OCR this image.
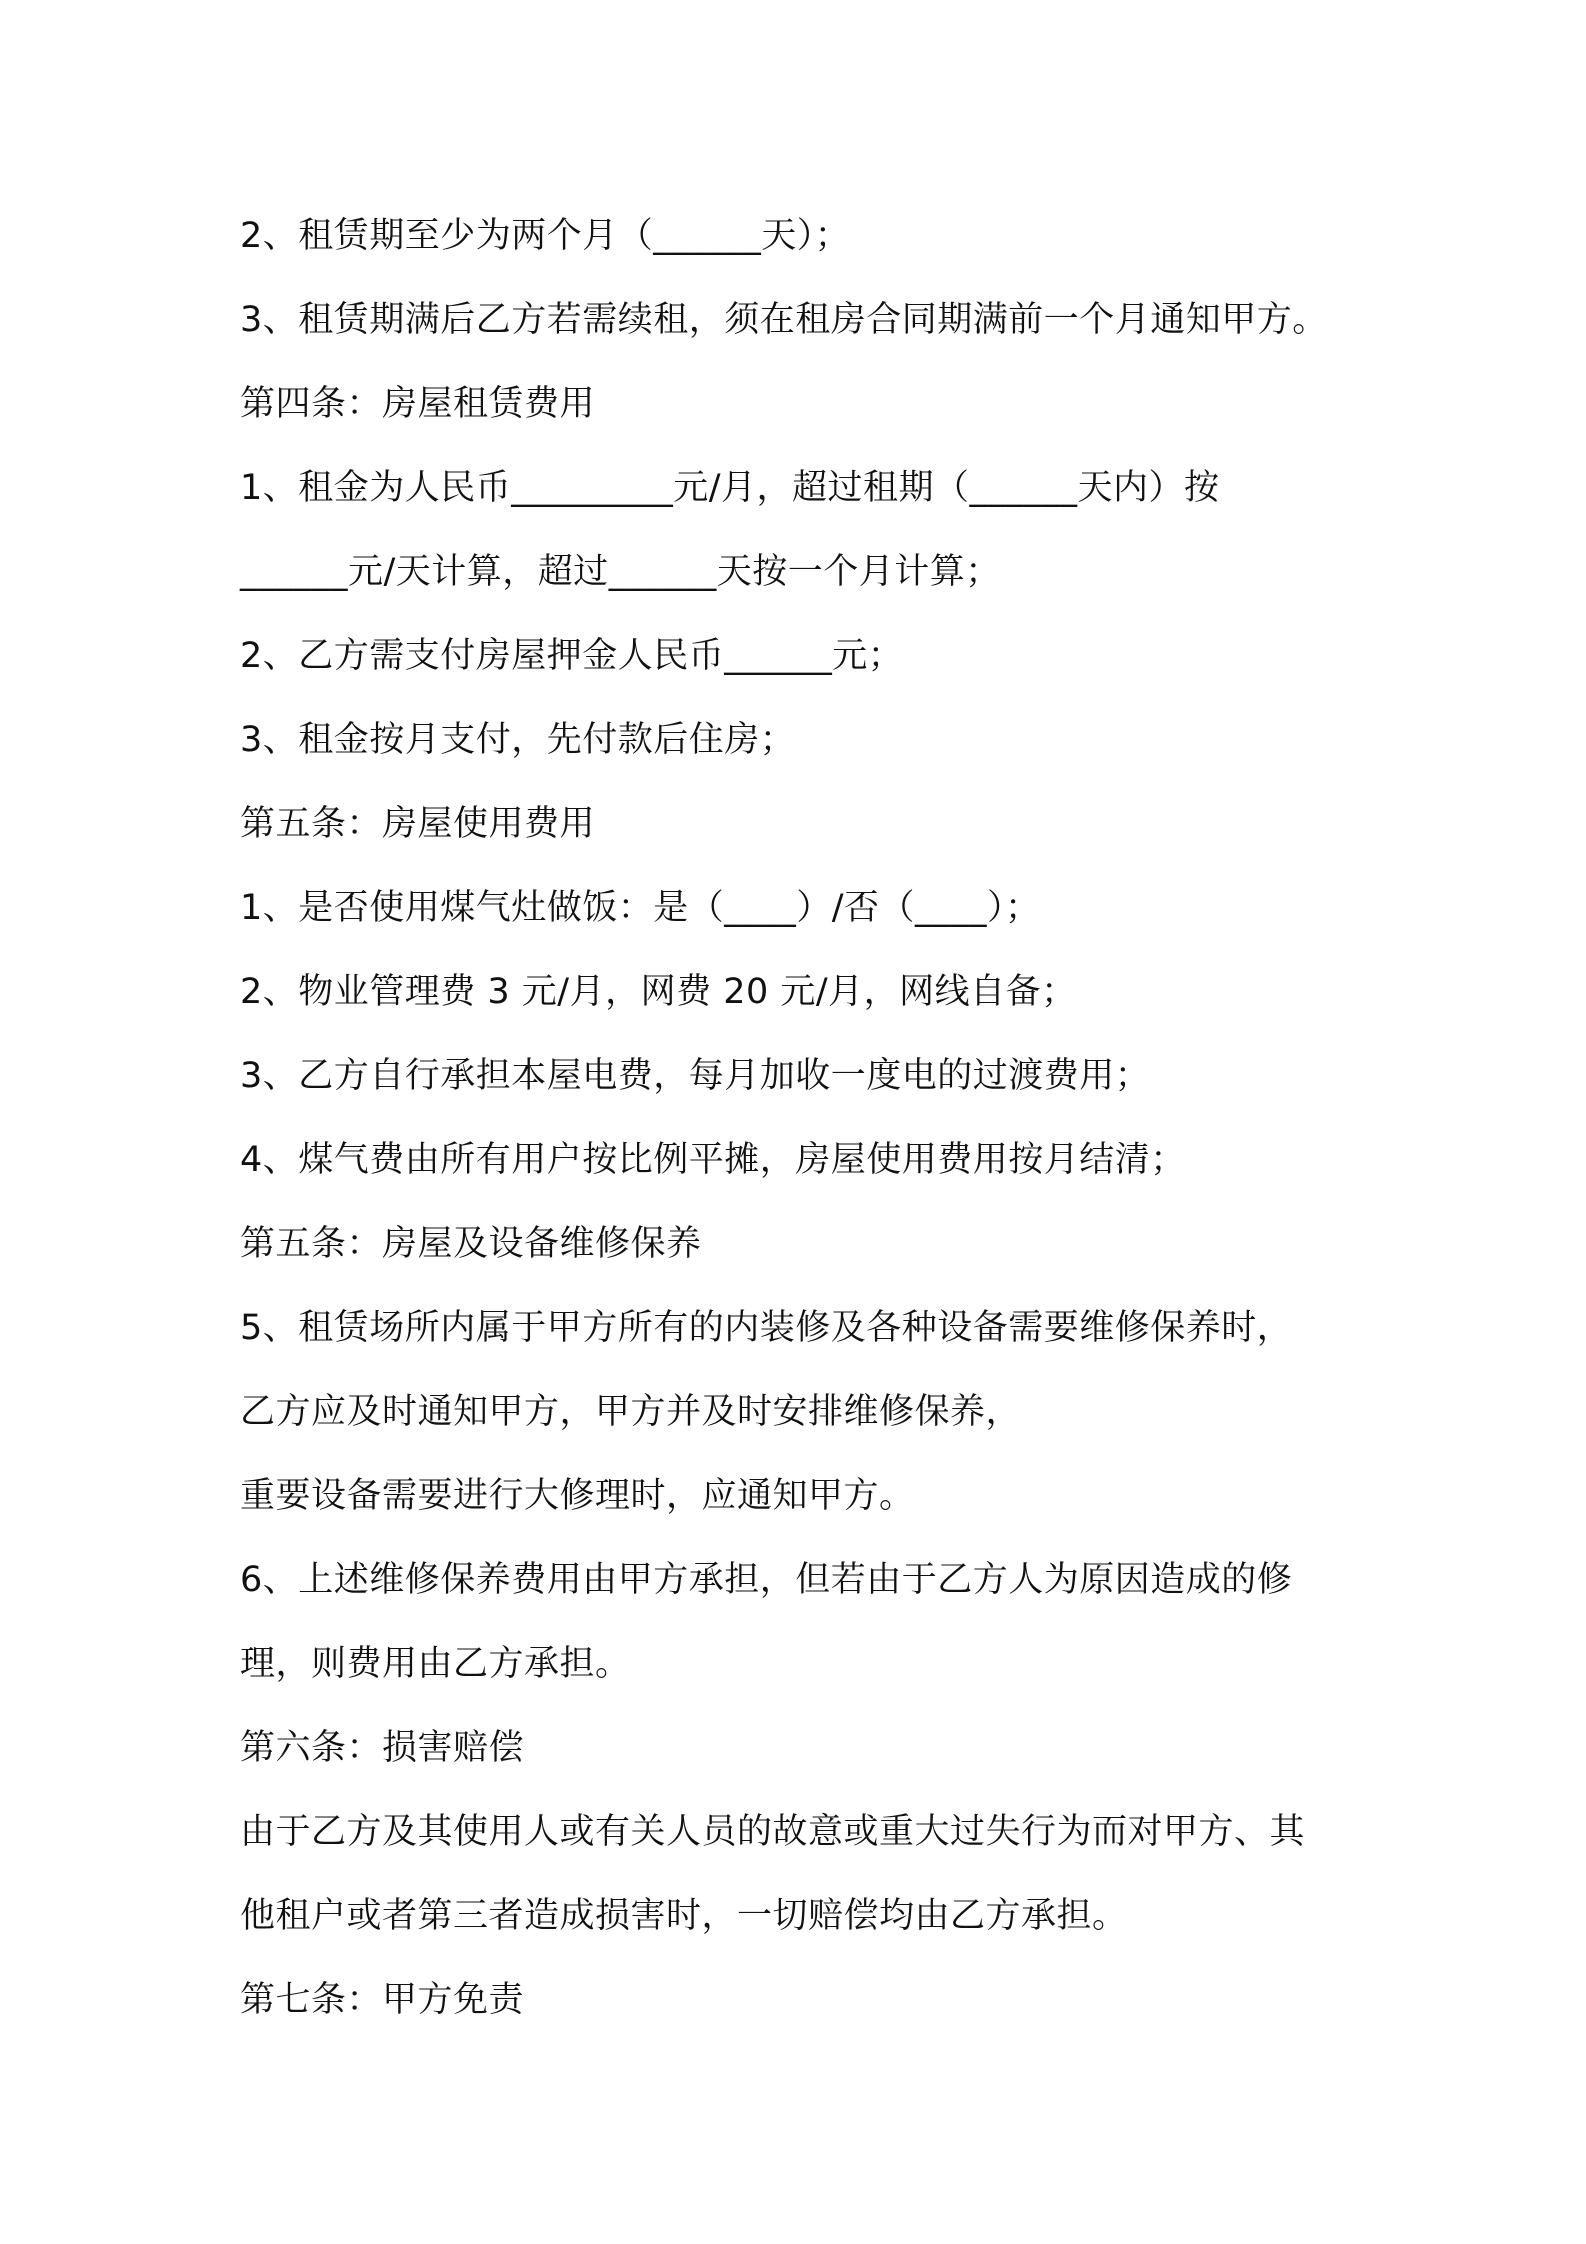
2、租赁期至少为两个月（______天）；
3、租赁期满后乙方若需续租，须在租房合同期满前一个月通知甲方。
第四条：房屋租赁费用
1、租金为人民币_________元/月，超过租期（______天内）按
______元/天计算，超过______天按一个月计算；
2、乙方需支付房屋押金人民币______元；
3、租金按月支付，先付款后住房；
第五条：房屋使用费用
1、是否使用煤气灶做饭：是（____）/否（____）；
2、物业管理费 3 元/月，网费 20 元/月，网线自备；
3、乙方自行承担本屋电费，每月加收一度电的过渡费用；
4、煤气费由所有用户按比例平摊，房屋使用费用按月结清；
第五条：房屋及设备维修保养
5、租赁场所内属于甲方所有的内装修及各种设备需要维修保养时，
乙方应及时通知甲方，甲方并及时安排维修保养，
重要设备需要进行大修理时，应通知甲方。
6、上述维修保养费用由甲方承担，但若由于乙方人为原因造成的修
理，则费用由乙方承担。
第六条：损害赔偿
由于乙方及其使用人或有关人员的故意或重大过失行为而对甲方、其
他租户或者第三者造成损害时，一切赔偿均由乙方承担。
第七条：甲方免责
